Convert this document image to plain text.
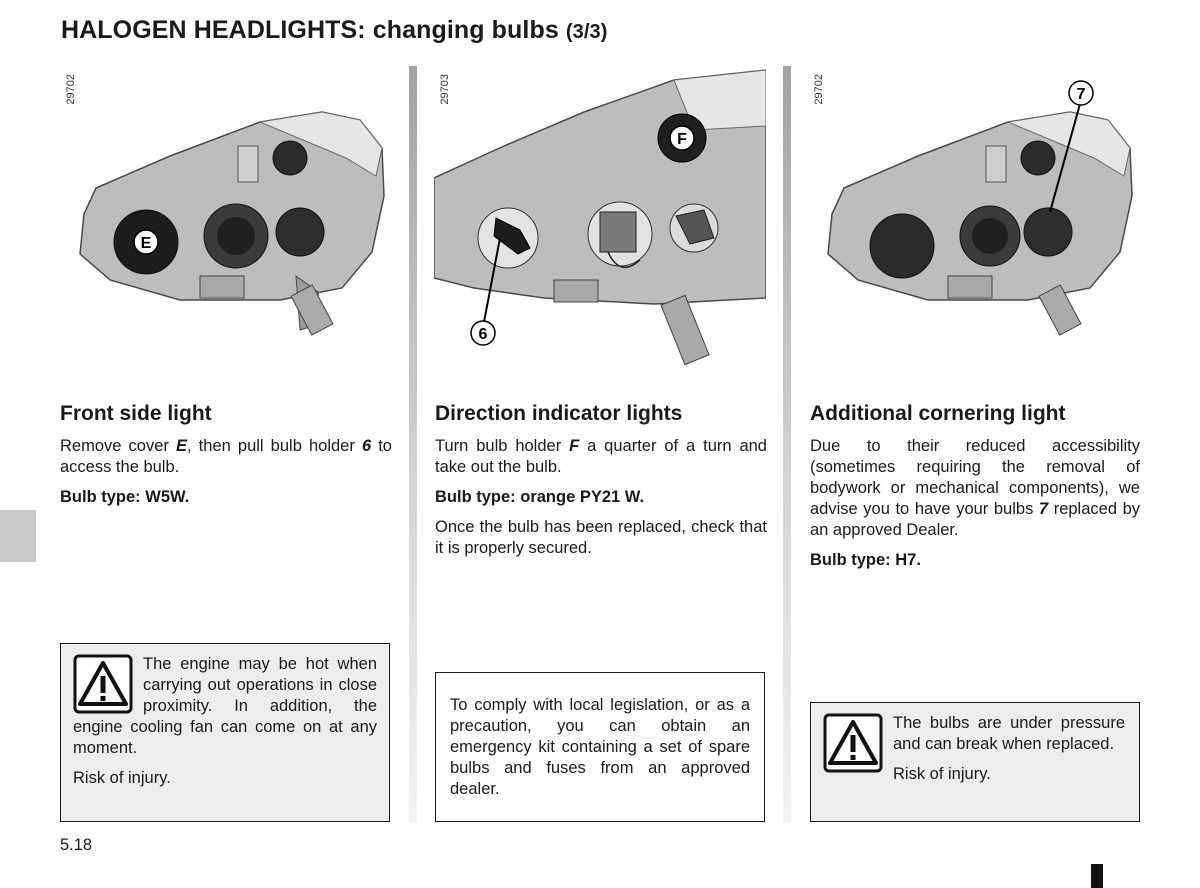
HALOGEN HEADLIGHTS: changing bulbs (3/3)
29702
E
29703
F
6
29702	7
Front side light	Direction indicator lights	Additional cornering light

Remove cover E, then pull bulb holder 6 to access the bulb.

Bulb type: W5W.

Turn bulb holder F a quarter of a turn and take out the bulb.

Bulb type: orange PY21 W.

Once the bulb has been replaced, check that it is properly secured.

Due to their reduced accessibility (sometimes requiring the removal of bodywork or mechanical components), we advise you to have your bulbs 7 replaced by an approved Dealer.

Bulb type: H7.

The engine may be hot when carrying out operations in close proximity. In addition, the engine cooling fan can come on at any moment.

Risk of injury.

To comply with local legislation, or as a precaution, you can obtain an emergency kit containing a set of spare bulbs and fuses from an approved dealer.

The bulbs are under pressure and can break when replaced.

Risk of injury.

5.18
